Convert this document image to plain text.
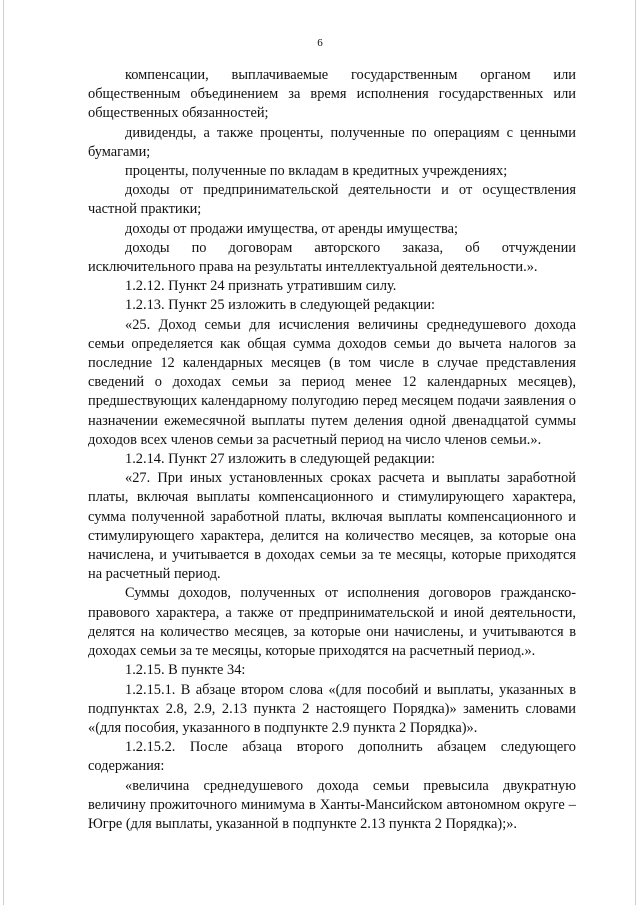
6

компенсации, выплачиваемые государственным органом или общественным объединением за время исполнения государственных или общественных обязанностей;

дивиденды, а также проценты, полученные по операциям с ценными бумагами;

проценты, полученные по вкладам в кредитных учреждениях;

доходы от предпринимательской деятельности и от осуществления частной практики;

доходы от продажи имущества, от аренды имущества;

доходы по договорам авторского заказа, об отчуждении исключительного права на результаты интеллектуальной деятельности.».

1.2.12. Пункт 24 признать утратившим силу.

1.2.13. Пункт 25 изложить в следующей редакции:

«25. Доход семьи для исчисления величины среднедушевого дохода семьи определяется как общая сумма доходов семьи до вычета налогов за последние 12 календарных месяцев (в том числе в случае представления сведений о доходах семьи за период менее 12 календарных месяцев), предшествующих календарному полугодию перед месяцем подачи заявления о назначении ежемесячной выплаты путем деления одной двенадцатой суммы доходов всех членов семьи за расчетный период на число членов семьи.».

1.2.14. Пункт 27 изложить в следующей редакции:

«27. При иных установленных сроках расчета и выплаты заработной платы, включая выплаты компенсационного и стимулирующего характера, сумма полученной заработной платы, включая выплаты компенсационного и стимулирующего характера, делится на количество месяцев, за которые она начислена, и учитывается в доходах семьи за те месяцы, которые приходятся на расчетный период.

Суммы доходов, полученных от исполнения договоров гражданско-правового характера, а также от предпринимательской и иной деятельности, делятся на количество месяцев, за которые они начислены, и учитываются в доходах семьи за те месяцы, которые приходятся на расчетный период.».

1.2.15. В пункте 34:

1.2.15.1. В абзаце втором слова «(для пособий и выплаты, указанных в подпунктах 2.8, 2.9, 2.13 пункта 2 настоящего Порядка)» заменить словами «(для пособия, указанного в подпункте 2.9 пункта 2 Порядка)».

1.2.15.2. После абзаца второго дополнить абзацем следующего содержания:

«величина среднедушевого дохода семьи превысила двукратную величину прожиточного минимума в Ханты-Мансийском автономном округе – Югре (для выплаты, указанной в подпункте 2.13 пункта 2 Порядка);».
